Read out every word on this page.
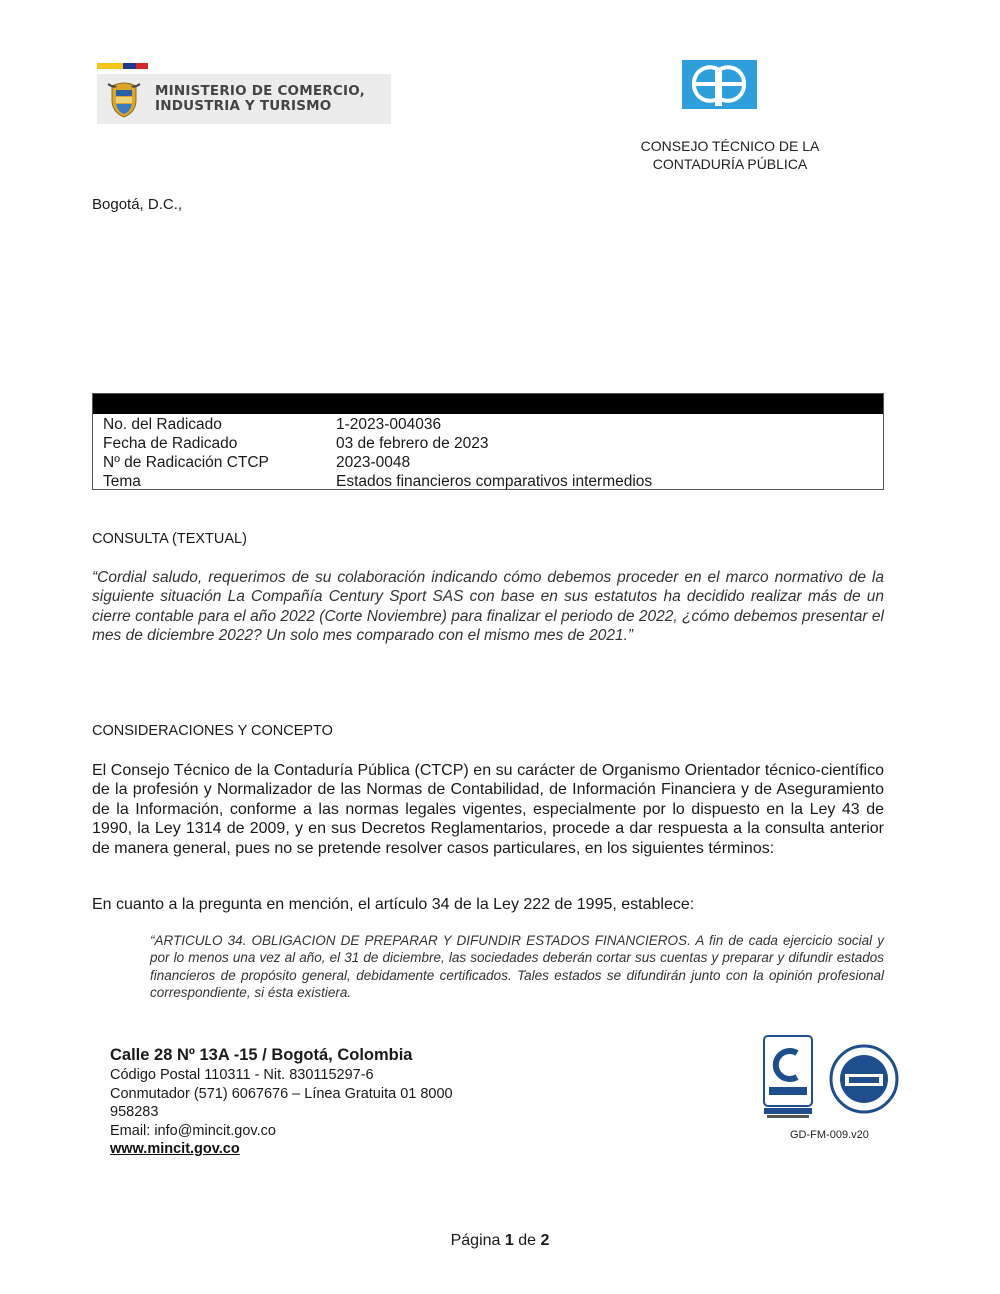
MINISTERIO DE COMERCIO,
INDUSTRIA Y TURISMO
CONSEJO TÉCNICO DE LA
CONTADURÍA PÚBLICA
Bogotá, D.C.,
No. del Radicado	1-2023-004036
Fecha de Radicado	03 de febrero de 2023
Nº de Radicación CTCP	2023-0048
Tema	Estados financieros comparativos intermedios
CONSULTA (TEXTUAL)
“Cordial saludo, requerimos de su colaboración indicando cómo debemos proceder en el marco normativo de la siguiente situación La Compañía Century Sport SAS con base en sus estatutos ha decidido realizar más de un cierre contable para el año 2022 (Corte Noviembre) para finalizar el periodo de 2022, ¿cómo debemos presentar el mes de diciembre 2022? Un solo mes comparado con el mismo mes de 2021.”
CONSIDERACIONES Y CONCEPTO
El Consejo Técnico de la Contaduría Pública (CTCP) en su carácter de Organismo Orientador técnico-científico de la profesión y Normalizador de las Normas de Contabilidad, de Información Financiera y de Aseguramiento de la Información, conforme a las normas legales vigentes, especialmente por lo dispuesto en la Ley 43 de 1990, la Ley 1314 de 2009, y en sus Decretos Reglamentarios, procede a dar respuesta a la consulta anterior de manera general, pues no se pretende resolver casos particulares, en los siguientes términos:
En cuanto a la pregunta en mención, el artículo 34 de la Ley 222 de 1995, establece:
“ARTICULO 34. OBLIGACION DE PREPARAR Y DIFUNDIR ESTADOS FINANCIEROS. A fin de cada ejercicio social y por lo menos una vez al año, el 31 de diciembre, las sociedades deberán cortar sus cuentas y preparar y difundir estados financieros de propósito general, debidamente certificados. Tales estados se difundirán junto con la opinión profesional correspondiente, si ésta existiera.
Calle 28 Nº 13A -15 / Bogotá, Colombia
Código Postal 110311 - Nit. 830115297-6
Conmutador (571) 6067676 – Línea Gratuita 01 8000
958283
Email: info@mincit.gov.co
www.mincit.gov.co
GD-FM-009.v20
Página 1 de 2
